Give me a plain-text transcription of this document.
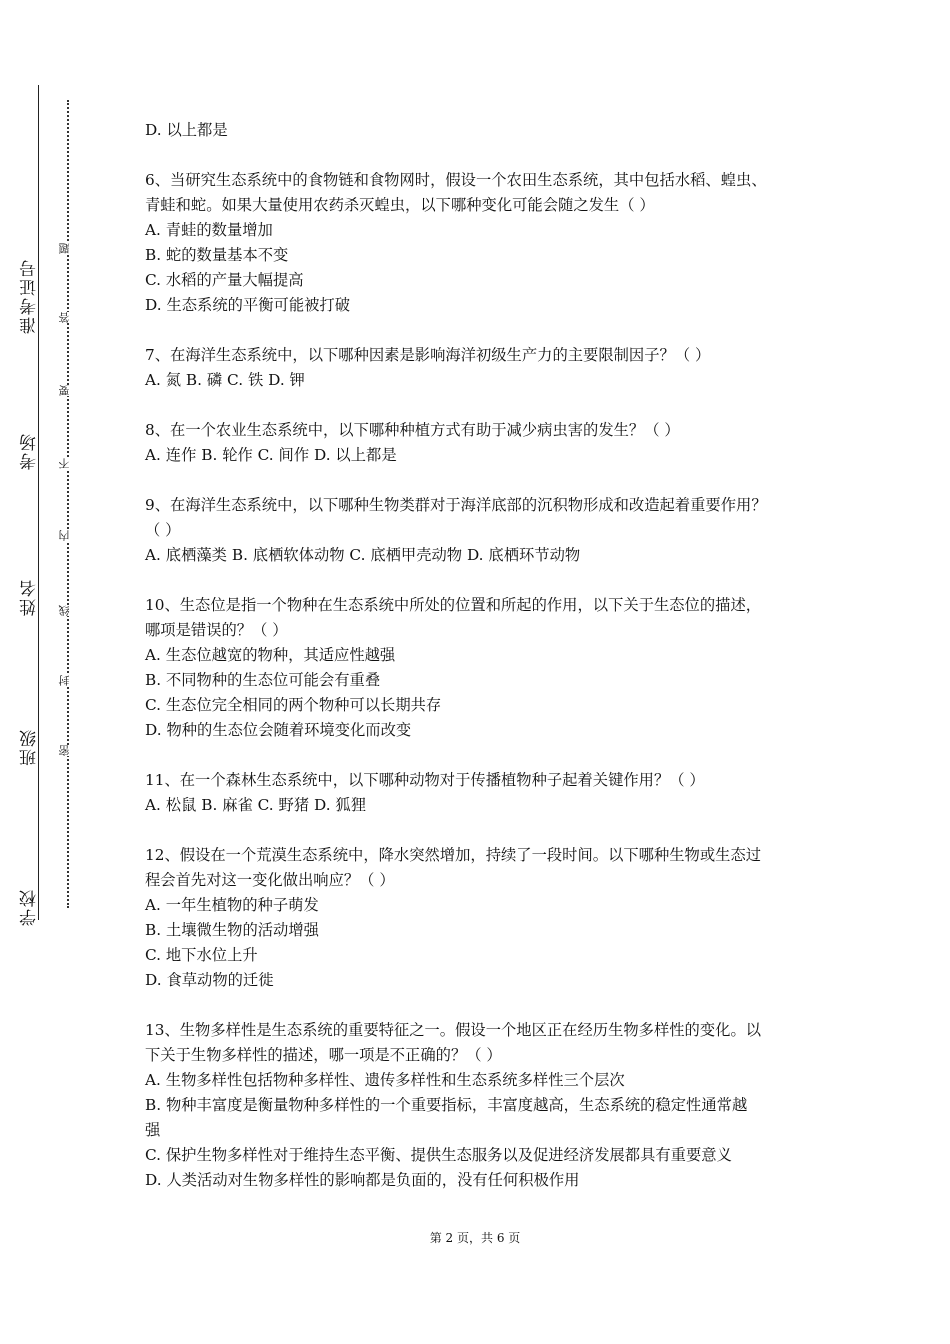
学校
班级
姓名
考场
准考证号
密
封
线
内
不
要
答
题

D. 以上都是

6、当研究生态系统中的食物链和食物网时，假设一个农田生态系统，其中包括水稻、蝗虫、

青蛙和蛇。如果大量使用农药杀灭蝗虫，以下哪种变化可能会随之发生（ ）

A. 青蛙的数量增加

B. 蛇的数量基本不变

C. 水稻的产量大幅提高

D. 生态系统的平衡可能被打破

7、在海洋生态系统中，以下哪种因素是影响海洋初级生产力的主要限制因子？（ ）

A. 氮 B. 磷 C. 铁 D. 钾

8、在一个农业生态系统中，以下哪种种植方式有助于减少病虫害的发生？（ ）

A. 连作 B. 轮作 C. 间作 D. 以上都是

9、在海洋生态系统中，以下哪种生物类群对于海洋底部的沉积物形成和改造起着重要作用？

（ ）

A. 底栖藻类 B. 底栖软体动物 C. 底栖甲壳动物 D. 底栖环节动物

10、生态位是指一个物种在生态系统中所处的位置和所起的作用，以下关于生态位的描述，

哪项是错误的？（ ）

A. 生态位越宽的物种，其适应性越强

B. 不同物种的生态位可能会有重叠

C. 生态位完全相同的两个物种可以长期共存

D. 物种的生态位会随着环境变化而改变

11、在一个森林生态系统中，以下哪种动物对于传播植物种子起着关键作用？（ ）

A. 松鼠 B. 麻雀 C. 野猪 D. 狐狸

12、假设在一个荒漠生态系统中，降水突然增加，持续了一段时间。以下哪种生物或生态过

程会首先对这一变化做出响应？（ ）

A. 一年生植物的种子萌发

B. 土壤微生物的活动增强

C. 地下水位上升

D. 食草动物的迁徙

13、生物多样性是生态系统的重要特征之一。假设一个地区正在经历生物多样性的变化。以

下关于生物多样性的描述，哪一项是不正确的？（ ）

A. 生物多样性包括物种多样性、遗传多样性和生态系统多样性三个层次

B. 物种丰富度是衡量物种多样性的一个重要指标，丰富度越高，生态系统的稳定性通常越

强

C. 保护生物多样性对于维持生态平衡、提供生态服务以及促进经济发展都具有重要意义

D. 人类活动对生物多样性的影响都是负面的，没有任何积极作用

第 2 页，共 6 页
